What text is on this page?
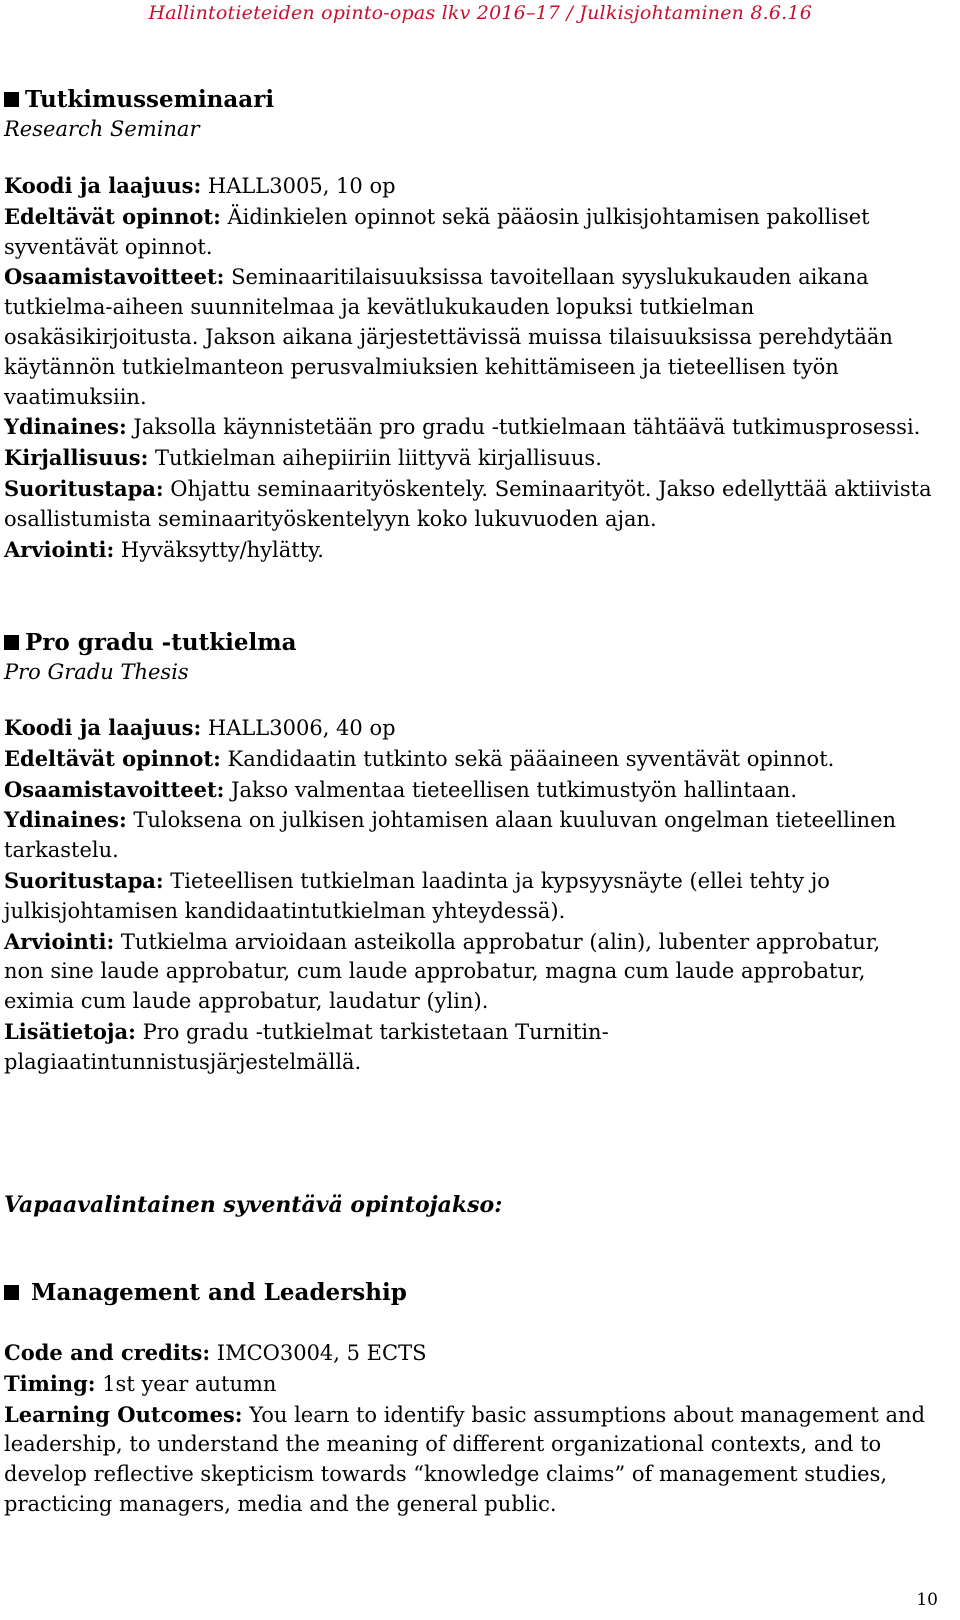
Hallintotieteiden opinto-opas lkv 2016–17 / Julkisjohtaminen 8.6.16
Tutkimusseminaari
Research Seminar
Koodi ja laajuus: HALL3005, 10 op
Edeltävät opinnot: Äidinkielen opinnot sekä pääosin julkisjohtamisen pakolliset syventävät opinnot.
Osaamistavoitteet: Seminaaritilaisuuksissa tavoitellaan syyslukukauden aikana tutkielma-aiheen suunnitelmaa ja kevätlukukauden lopuksi tutkielman osakäsikirjoitusta. Jakson aikana järjestettävissä muissa tilaisuuksissa perehdytään käytännön tutkielmanteon perusvalmiuksien kehittämiseen ja tieteellisen työn vaatimuksiin.
Ydinaines: Jaksolla käynnistetään pro gradu -tutkielmaan tähtäävä tutkimusprosessi.
Kirjallisuus: Tutkielman aihepiiriin liittyvä kirjallisuus.
Suoritustapa: Ohjattu seminaarityöskentely. Seminaarityöt. Jakso edellyttää aktiivista osallistumista seminaarityöskentelyyn koko lukuvuoden ajan.
Arviointi: Hyväksytty/hylätty.
Pro gradu -tutkielma
Pro Gradu Thesis
Koodi ja laajuus: HALL3006, 40 op
Edeltävät opinnot: Kandidaatin tutkinto sekä pääaineen syventävät opinnot.
Osaamistavoitteet: Jakso valmentaa tieteellisen tutkimustyön hallintaan.
Ydinaines: Tuloksena on julkisen johtamisen alaan kuuluvan ongelman tieteellinen tarkastelu.
Suoritustapa: Tieteellisen tutkielman laadinta ja kypsyysnäyte (ellei tehty jo julkisjohtamisen kandidaatintutkielman yhteydessä).
Arviointi: Tutkielma arvioidaan asteikolla approbatur (alin), lubenter approbatur, non sine laude approbatur, cum laude approbatur, magna cum laude approbatur, eximia cum laude approbatur, laudatur (ylin).
Lisätietoja: Pro gradu -tutkielmat tarkistetaan Turnitin-plagiaatintunnistusjärjestelmällä.
Vapaavalintainen syventävä opintojakso:
Management and Leadership
Code and credits: IMCO3004, 5 ECTS
Timing: 1st year autumn
Learning Outcomes: You learn to identify basic assumptions about management and leadership, to understand the meaning of different organizational contexts, and to develop reflective skepticism towards “knowledge claims” of management studies, practicing managers, media and the general public.
10
